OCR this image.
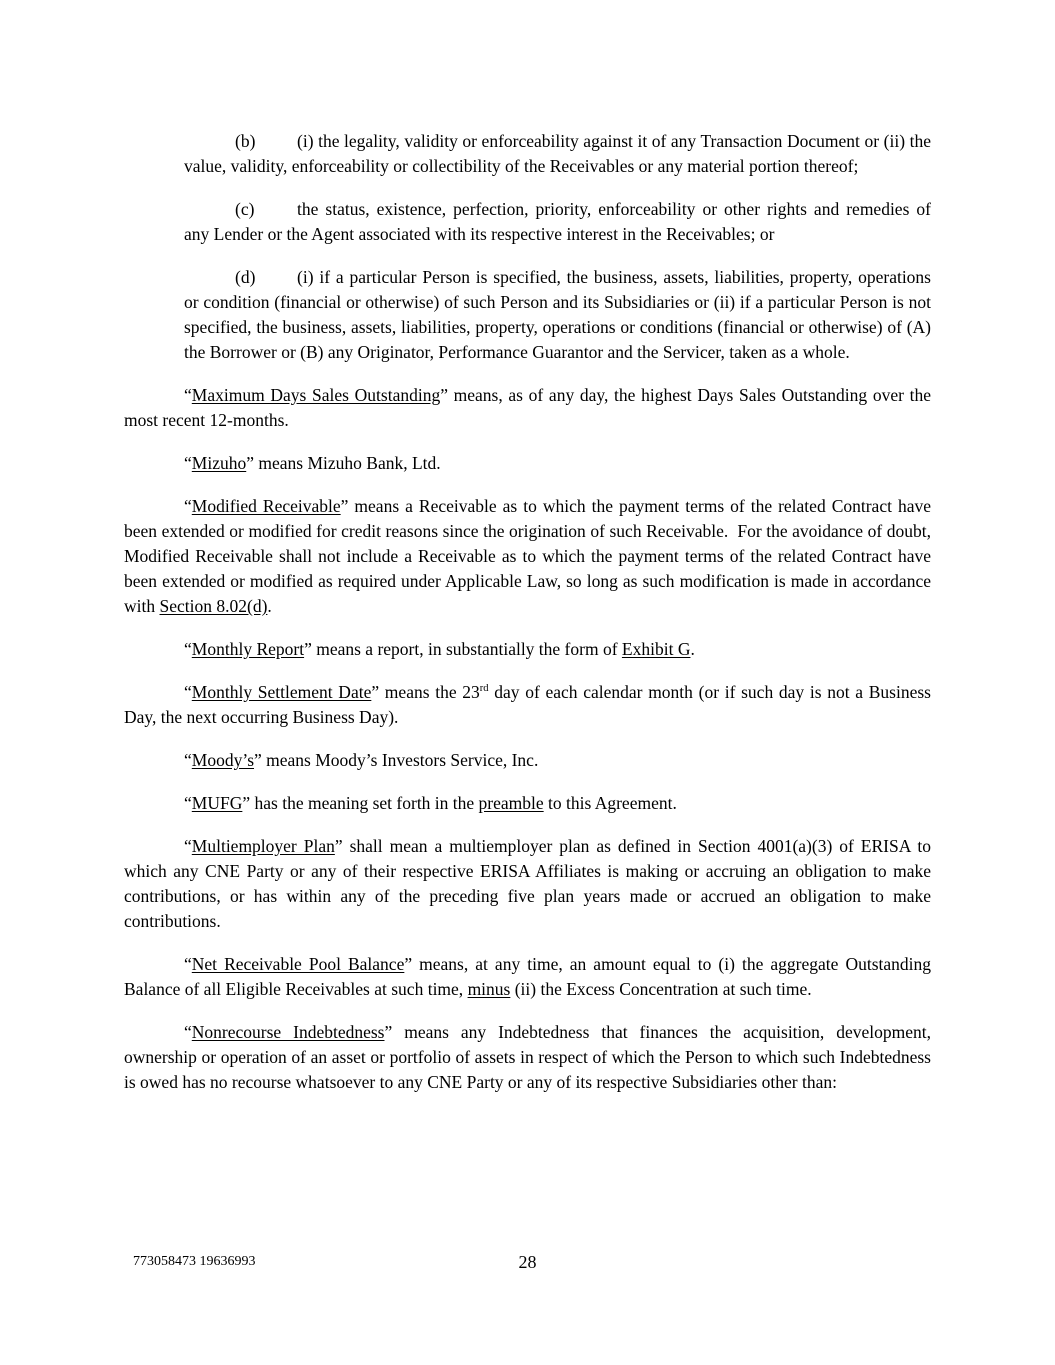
(b) (i) the legality, validity or enforceability against it of any Transaction Document or (ii) the value, validity, enforceability or collectibility of the Receivables or any material portion thereof;

(c) the status, existence, perfection, priority, enforceability or other rights and remedies of any Lender or the Agent associated with its respective interest in the Receivables; or

(d) (i) if a particular Person is specified, the business, assets, liabilities, property, operations or condition (financial or otherwise) of such Person and its Subsidiaries or (ii) if a particular Person is not specified, the business, assets, liabilities, property, operations or conditions (financial or otherwise) of (A) the Borrower or (B) any Originator, Performance Guarantor and the Servicer, taken as a whole.

“Maximum Days Sales Outstanding” means, as of any day, the highest Days Sales Outstanding over the most recent 12-months.

“Mizuho” means Mizuho Bank, Ltd.

“Modified Receivable” means a Receivable as to which the payment terms of the related Contract have been extended or modified for credit reasons since the origination of such Receivable.  For the avoidance of doubt, Modified Receivable shall not include a Receivable as to which the payment terms of the related Contract have been extended or modified as required under Applicable Law, so long as such modification is made in accordance with Section 8.02(d).

“Monthly Report” means a report, in substantially the form of Exhibit G.

“Monthly Settlement Date” means the 23rd day of each calendar month (or if such day is not a Business Day, the next occurring Business Day).

“Moody’s” means Moody’s Investors Service, Inc.

“MUFG” has the meaning set forth in the preamble to this Agreement.

“Multiemployer Plan” shall mean a multiemployer plan as defined in Section 4001(a)(3) of ERISA to which any CNE Party or any of their respective ERISA Affiliates is making or accruing an obligation to make contributions, or has within any of the preceding five plan years made or accrued an obligation to make contributions.

“Net Receivable Pool Balance” means, at any time, an amount equal to (i) the aggregate Outstanding Balance of all Eligible Receivables at such time, minus (ii) the Excess Concentration at such time.

“Nonrecourse Indebtedness” means any Indebtedness that finances the acquisition, development, ownership or operation of an asset or portfolio of assets in respect of which the Person to which such Indebtedness is owed has no recourse whatsoever to any CNE Party or any of its respective Subsidiaries other than:

773058473 19636993	28
